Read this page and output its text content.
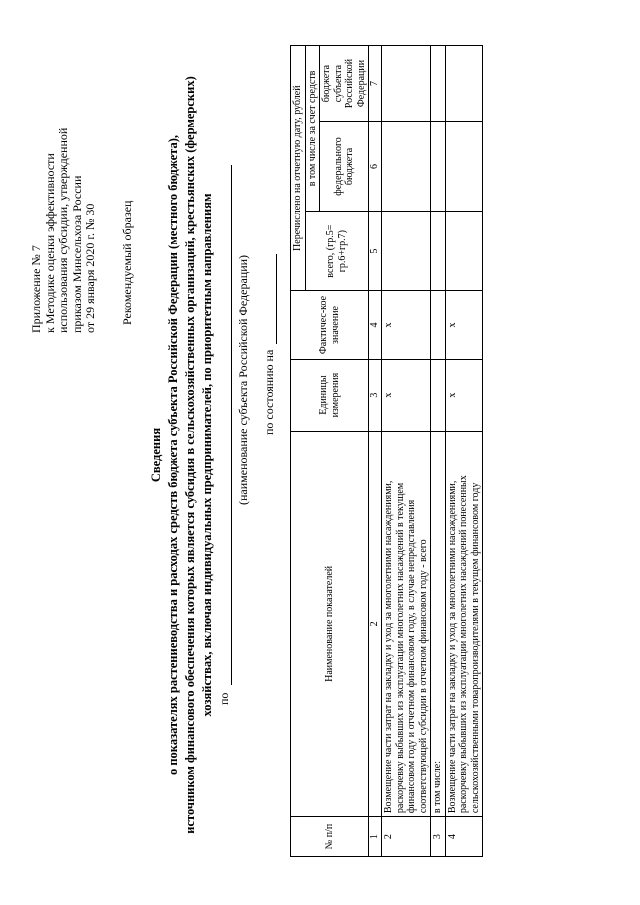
Приложение № 7 к Методике оценки эффективности использования субсидии, утвержденной приказом Минсельхоза России от 29 января 2020 г. № 30 Рекомендуемый образец
Сведения о показателях растениеводства и расходах средств бюджета субъекта Российской Федерации (местного бюджета), источником финансового обеспечения которых является субсидия в сельскохозяйственных организаций, крестьянских (фермерских) хозяйствах, включая индивидуальных предпринимателей, по приоритетным направлениям по
(наименование субъекта Российской Федерации) по состоянию на
№ п/п	Наименование показателей	Единицы измерения	Фактичес-кое значение	Перечислено на отчетную дату, рублей		
				всего, (гр.5= гр.6+гр.7)	в том числе за счет средств	
					федерального бюджета	бюджета субъекта Российской Федерации
1	2	3	4	5	6	7
2	Возмещение части затрат на закладку и уход за многолетними насаждениями, раскорчевку выбывших из эксплуатации многолетних насаждений в текущем финансовом году и отчетном финансовом году, в случае непредставления соответствующей субсидии в отчетном финансовом году - всего	х	х			
3	в том числе:					
4	Возмещение части затрат на закладку и уход за многолетними насаждениями, раскорчевку выбывших из эксплуатации многолетних насаждений понесенных сельскохозяйственными товаропроизводителями в текущем финансовом году	х	х			
